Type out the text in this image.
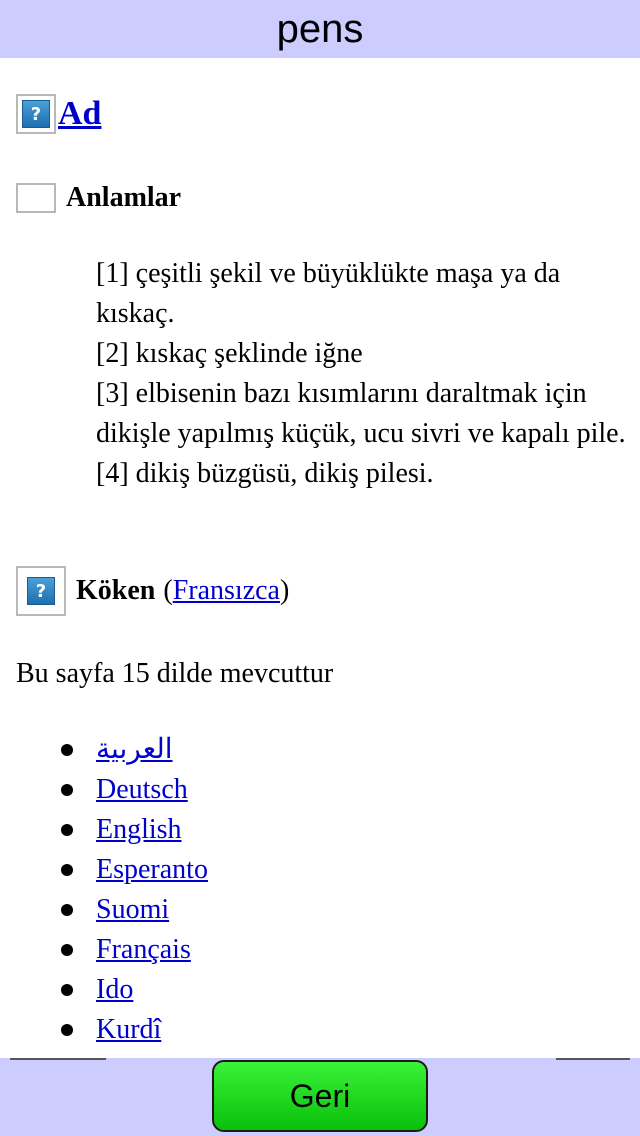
pens
? Ad
Anlamlar
[1] çeşitli şekil ve büyüklükte maşa ya da kıskaç.
[2] kıskaç şeklinde iğne
[3] elbisenin bazı kısımlarını daraltmak için dikişle yapılmış küçük, ucu sivri ve kapalı pile.
[4] dikiş büzgüsü, dikiş pilesi.
?	Köken ( Fransızca )
Bu sayfa 15 dilde mevcuttur
العربية
Deutsch
English
Esperanto
Suomi
Français
Ido
Kurdî
Geri
